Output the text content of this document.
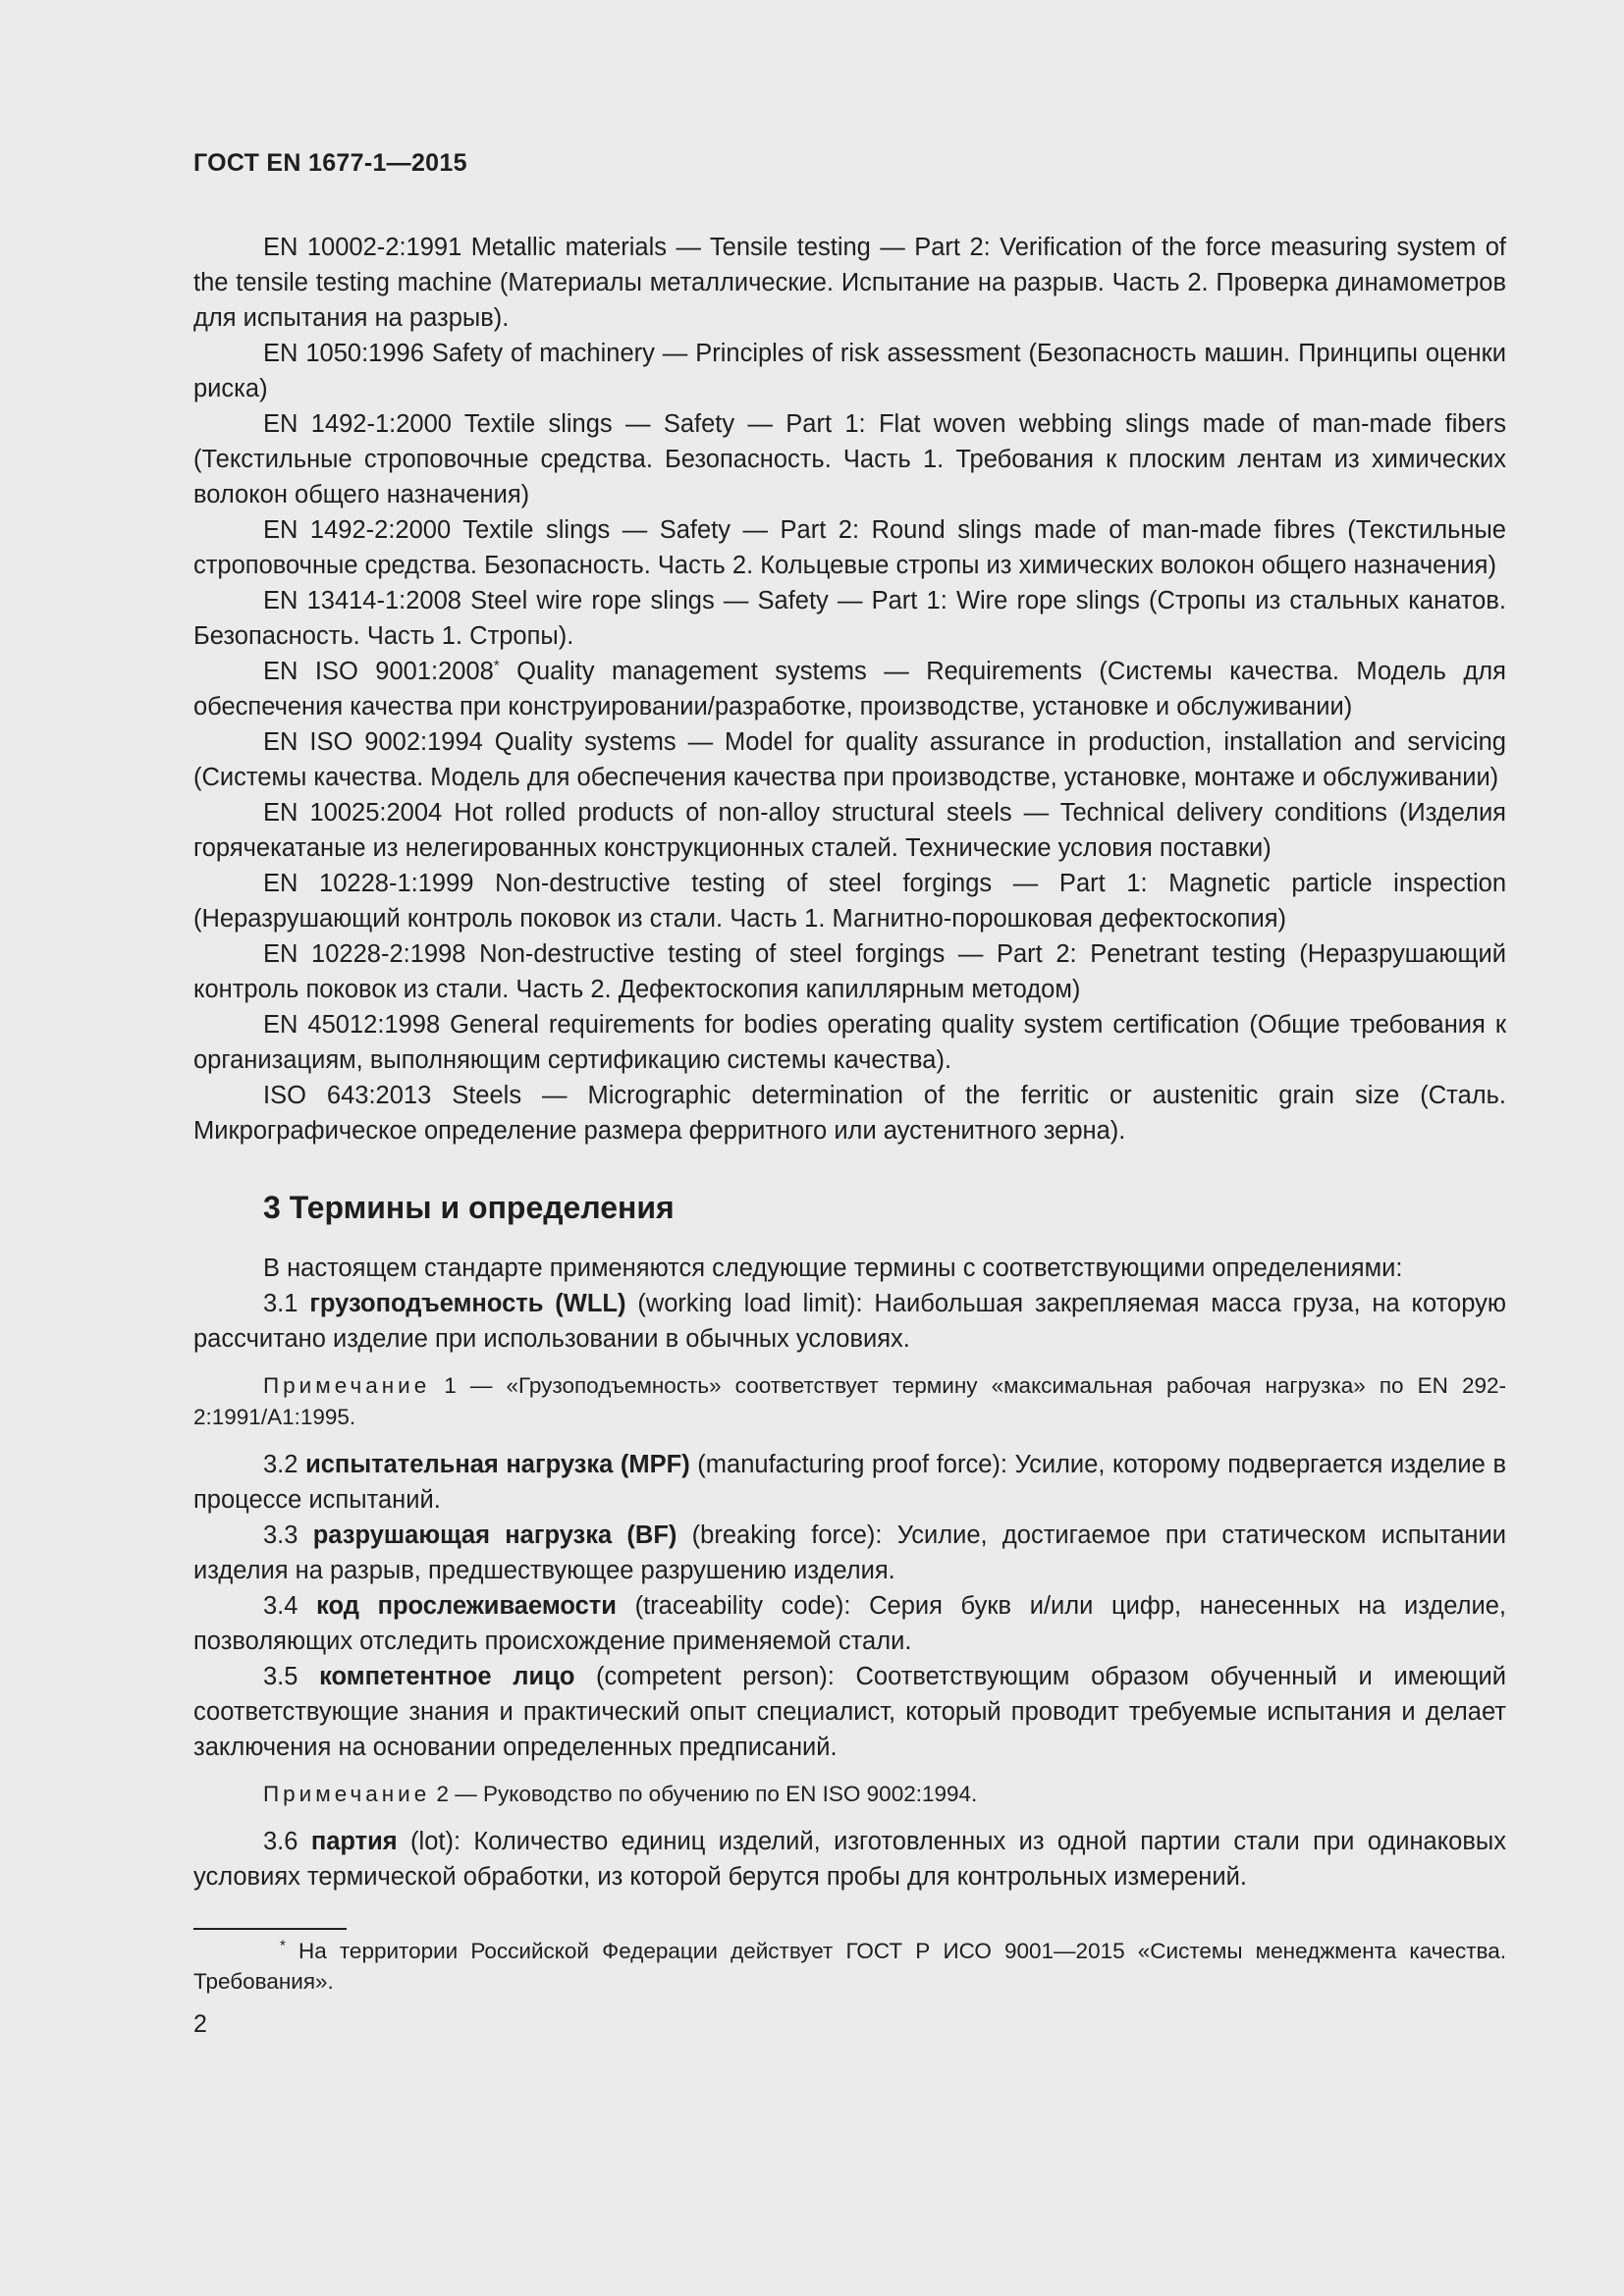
ГОСТ EN 1677-1—2015

EN 10002-2:1991 Metallic materials — Tensile testing — Part 2: Verification of the force measuring system of the tensile testing machine (Материалы металлические. Испытание на разрыв. Часть 2. Проверка динамометров для испытания на разрыв).

EN 1050:1996 Safety of machinery — Principles of risk assessment (Безопасность машин. Принципы оценки риска)

EN 1492-1:2000 Textile slings — Safety — Part 1: Flat woven webbing slings made of man-made fibers (Текстильные строповочные средства. Безопасность. Часть 1. Требования к плоским лентам из химических волокон общего назначения)

EN 1492-2:2000 Textile slings — Safety — Part 2: Round slings made of man-made fibres (Текстильные строповочные средства. Безопасность. Часть 2. Кольцевые стропы из химических волокон общего назначения)

EN 13414-1:2008 Steel wire rope slings — Safety — Part 1: Wire rope slings (Стропы из стальных канатов. Безопасность. Часть 1. Стропы).

EN ISO 9001:2008* Quality management systems — Requirements (Системы качества. Модель для обеспечения качества при конструировании/разработке, производстве, установке и обслуживании)

EN ISO 9002:1994 Quality systems — Model for quality assurance in production, installation and servicing (Системы качества. Модель для обеспечения качества при производстве, установке, монтаже и обслуживании)

EN 10025:2004 Hot rolled products of non-alloy structural steels — Technical delivery conditions (Изделия горячекатаные из нелегированных конструкционных сталей. Технические условия поставки)

EN 10228-1:1999 Non-destructive testing of steel forgings — Part 1: Magnetic particle inspection (Неразрушающий контроль поковок из стали. Часть 1. Магнитно-порошковая дефектоскопия)

EN 10228-2:1998 Non-destructive testing of steel forgings — Part 2: Penetrant testing (Неразрушающий контроль поковок из стали. Часть 2. Дефектоскопия капиллярным методом)

EN 45012:1998 General requirements for bodies operating quality system certification (Общие требования к организациям, выполняющим сертификацию системы качества).

ISO 643:2013 Steels — Micrographic determination of the ferritic or austenitic grain size (Сталь. Микрографическое определение размера ферритного или аустенитного зерна).

3 Термины и определения

В настоящем стандарте применяются следующие термины с соответствующими определениями:

3.1 грузоподъемность (WLL) (working load limit): Наибольшая закрепляемая масса груза, на которую рассчитано изделие при использовании в обычных условиях.

Примечание 1 — «Грузоподъемность» соответствует термину «максимальная рабочая нагрузка» по EN 292-2:1991/A1:1995.

3.2 испытательная нагрузка (MPF) (manufacturing proof force): Усилие, которому подвергается изделие в процессе испытаний.

3.3 разрушающая нагрузка (BF) (breaking force): Усилие, достигаемое при статическом испытании изделия на разрыв, предшествующее разрушению изделия.

3.4 код прослеживаемости (traceability code): Серия букв и/или цифр, нанесенных на изделие, позволяющих отследить происхождение применяемой стали.

3.5 компетентное лицо (competent person): Соответствующим образом обученный и имеющий соответствующие знания и практический опыт специалист, который проводит требуемые испытания и делает заключения на основании определенных предписаний.

Примечание 2 — Руководство по обучению по EN ISO 9002:1994.

3.6 партия (lot): Количество единиц изделий, изготовленных из одной партии стали при одинаковых условиях термической обработки, из которой берутся пробы для контрольных измерений.

* На территории Российской Федерации действует ГОСТ Р ИСО 9001—2015 «Системы менеджмента качества. Требования».

2
